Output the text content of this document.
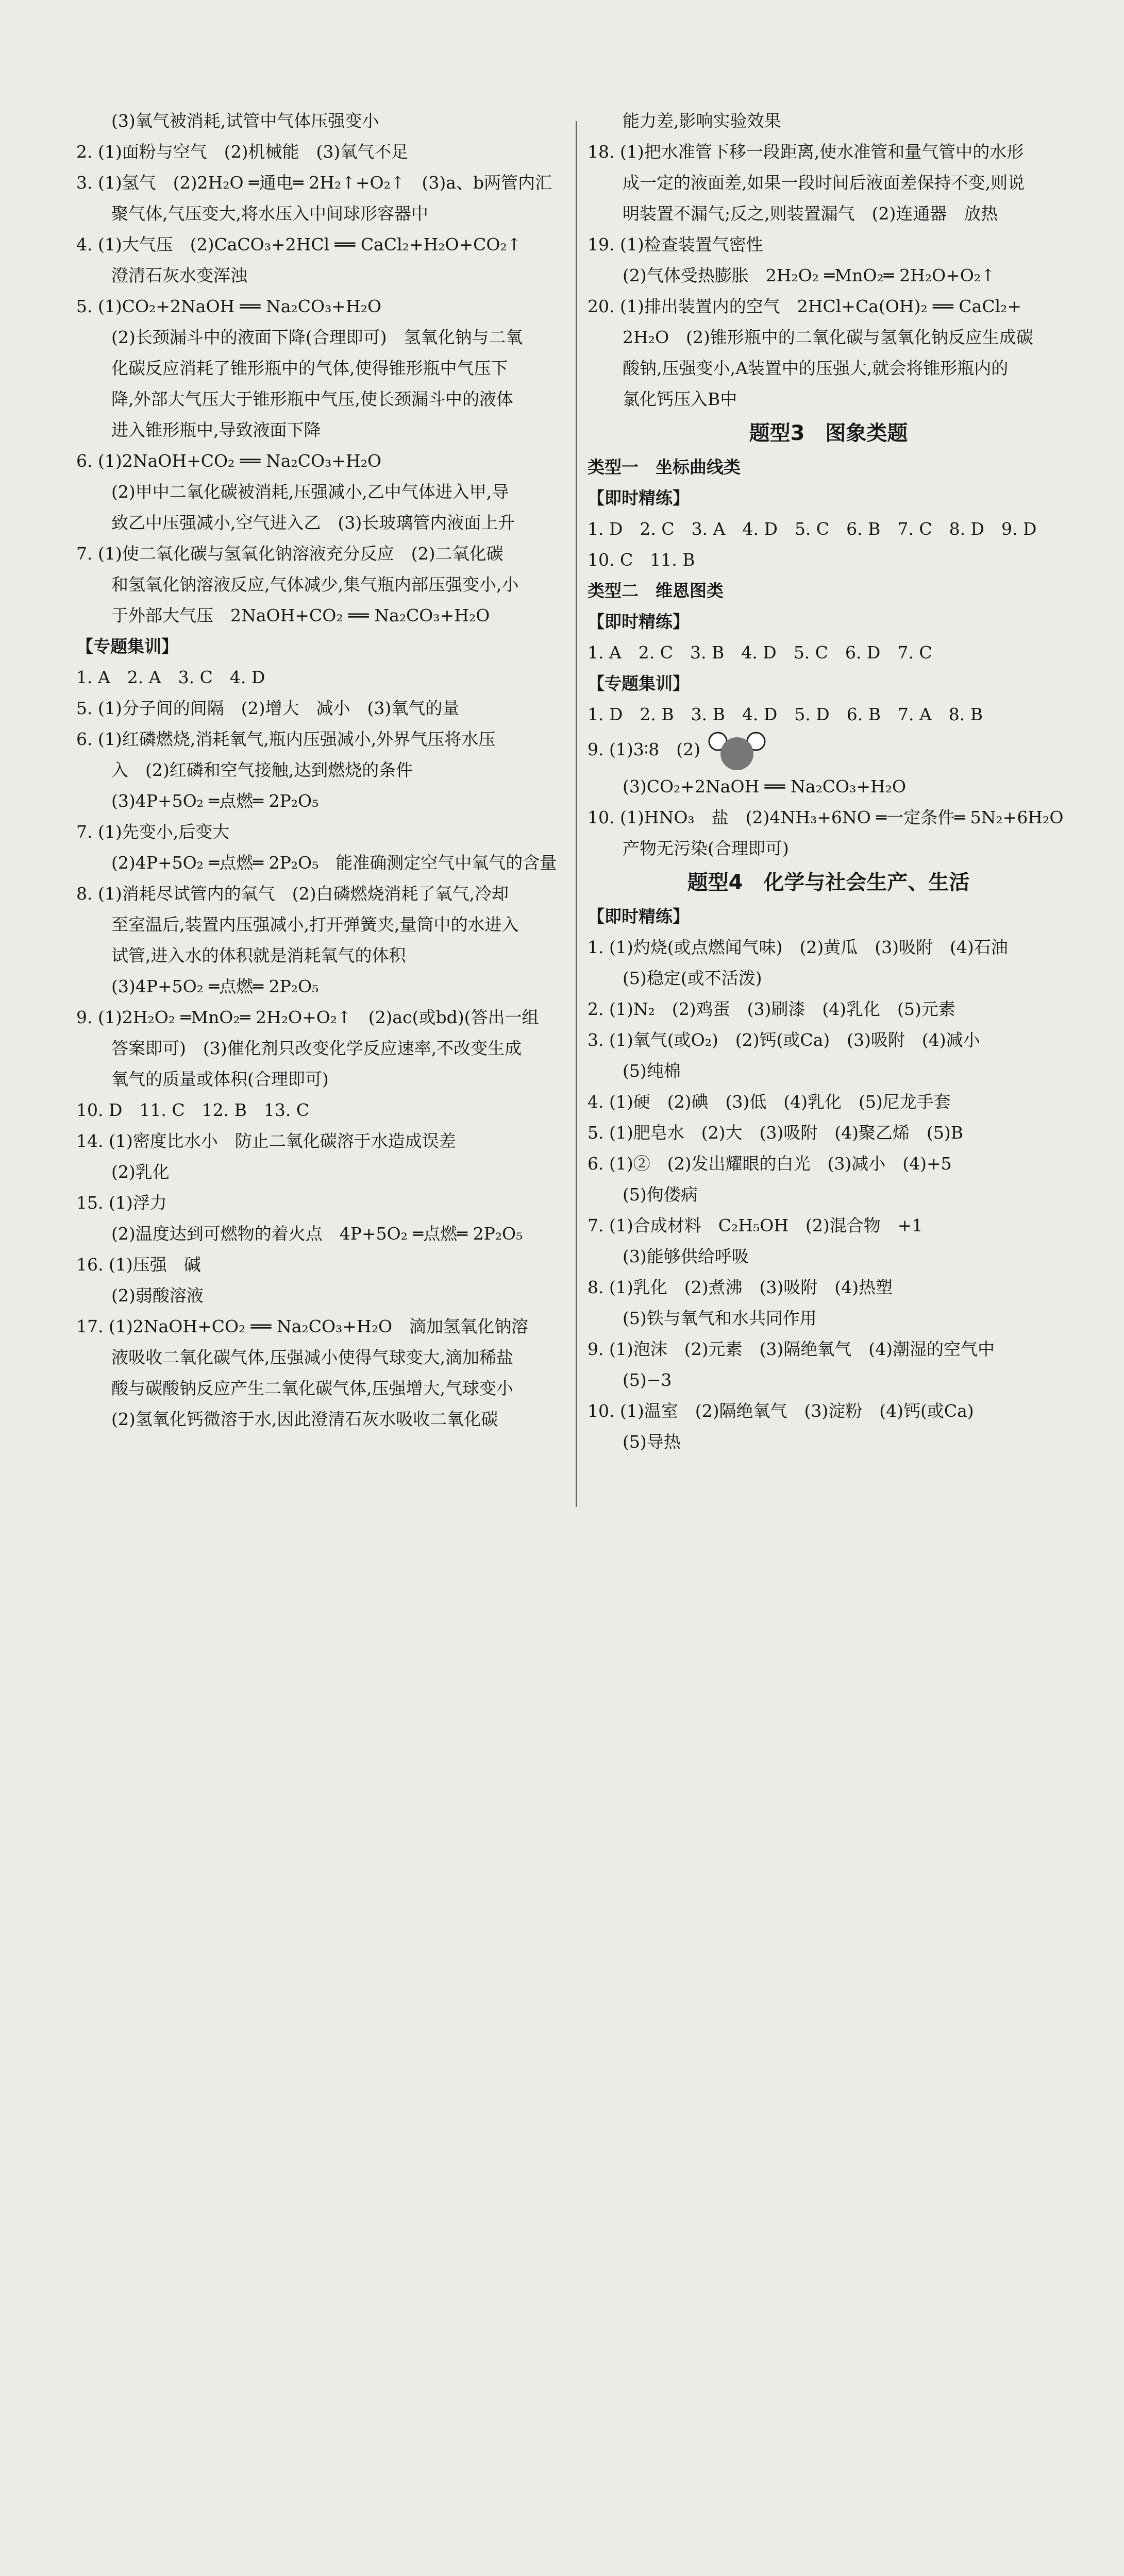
(3)氧气被消耗,试管中气体压强变小
2. (1)面粉与空气　(2)机械能　(3)氧气不足
3. (1)氢气　(2)2H₂O ═通电═ 2H₂↑+O₂↑　(3)a、b两管内汇
聚气体,气压变大,将水压入中间球形容器中
4. (1)大气压　(2)CaCO₃+2HCl ══ CaCl₂+H₂O+CO₂↑
澄清石灰水变浑浊
5. (1)CO₂+2NaOH ══ Na₂CO₃+H₂O
(2)长颈漏斗中的液面下降(合理即可)　氢氧化钠与二氧
化碳反应消耗了锥形瓶中的气体,使得锥形瓶中气压下
降,外部大气压大于锥形瓶中气压,使长颈漏斗中的液体
进入锥形瓶中,导致液面下降
6. (1)2NaOH+CO₂ ══ Na₂CO₃+H₂O
(2)甲中二氧化碳被消耗,压强减小,乙中气体进入甲,导
致乙中压强减小,空气进入乙　(3)长玻璃管内液面上升
7. (1)使二氧化碳与氢氧化钠溶液充分反应　(2)二氧化碳
和氢氧化钠溶液反应,气体减少,集气瓶内部压强变小,小
于外部大气压　2NaOH+CO₂ ══ Na₂CO₃+H₂O
【专题集训】
1. A　2. A　3. C　4. D
5. (1)分子间的间隔　(2)增大　减小　(3)氧气的量
6. (1)红磷燃烧,消耗氧气,瓶内压强减小,外界气压将水压
入　(2)红磷和空气接触,达到燃烧的条件
(3)4P+5O₂ ═点燃═ 2P₂O₅
7. (1)先变小,后变大
(2)4P+5O₂ ═点燃═ 2P₂O₅　能准确测定空气中氧气的含量
8. (1)消耗尽试管内的氧气　(2)白磷燃烧消耗了氧气,冷却
至室温后,装置内压强减小,打开弹簧夹,量筒中的水进入
试管,进入水的体积就是消耗氧气的体积
(3)4P+5O₂ ═点燃═ 2P₂O₅
9. (1)2H₂O₂ ═MnO₂═ 2H₂O+O₂↑　(2)ac(或bd)(答出一组
答案即可)　(3)催化剂只改变化学反应速率,不改变生成
氧气的质量或体积(合理即可)
10. D　11. C　12. B　13. C
14. (1)密度比水小　防止二氧化碳溶于水造成误差
(2)乳化
15. (1)浮力
(2)温度达到可燃物的着火点　4P+5O₂ ═点燃═ 2P₂O₅
16. (1)压强　碱
(2)弱酸溶液
17. (1)2NaOH+CO₂ ══ Na₂CO₃+H₂O　滴加氢氧化钠溶
液吸收二氧化碳气体,压强减小使得气球变大,滴加稀盐
酸与碳酸钠反应产生二氧化碳气体,压强增大,气球变小
(2)氢氧化钙微溶于水,因此澄清石灰水吸收二氧化碳
能力差,影响实验效果
18. (1)把水准管下移一段距离,使水准管和量气管中的水形
成一定的液面差,如果一段时间后液面差保持不变,则说
明装置不漏气;反之,则装置漏气　(2)连通器　放热
19. (1)检查装置气密性
(2)气体受热膨胀　2H₂O₂ ═MnO₂═ 2H₂O+O₂↑
20. (1)排出装置内的空气　2HCl+Ca(OH)₂ ══ CaCl₂+
2H₂O　(2)锥形瓶中的二氧化碳与氢氧化钠反应生成碳
酸钠,压强变小,A装置中的压强大,就会将锥形瓶内的
氯化钙压入B中
题型3　图象类题
类型一　坐标曲线类
【即时精练】
1. D　2. C　3. A　4. D　5. C　6. B　7. C　8. D　9. D
10. C　11. B
类型二　维恩图类
【即时精练】
1. A　2. C　3. B　4. D　5. C　6. D　7. C
【专题集训】
1. D　2. B　3. B　4. D　5. D　6. B　7. A　8. B
9. (1)3∶8　(2)
(3)CO₂+2NaOH ══ Na₂CO₃+H₂O
10. (1)HNO₃　盐　(2)4NH₃+6NO ═一定条件═ 5N₂+6H₂O
产物无污染(合理即可)
题型4　化学与社会生产、生活
【即时精练】
1. (1)灼烧(或点燃闻气味)　(2)黄瓜　(3)吸附　(4)石油
(5)稳定(或不活泼)
2. (1)N₂　(2)鸡蛋　(3)刷漆　(4)乳化　(5)元素
3. (1)氧气(或O₂)　(2)钙(或Ca)　(3)吸附　(4)减小
(5)纯棉
4. (1)硬　(2)碘　(3)低　(4)乳化　(5)尼龙手套
5. (1)肥皂水　(2)大　(3)吸附　(4)聚乙烯　(5)B
6. (1)②　(2)发出耀眼的白光　(3)减小　(4)+5
(5)佝偻病
7. (1)合成材料　C₂H₅OH　(2)混合物　+1
(3)能够供给呼吸
8. (1)乳化　(2)煮沸　(3)吸附　(4)热塑
(5)铁与氧气和水共同作用
9. (1)泡沫　(2)元素　(3)隔绝氧气　(4)潮湿的空气中
(5)−3
10. (1)温室　(2)隔绝氧气　(3)淀粉　(4)钙(或Ca)
(5)导热
